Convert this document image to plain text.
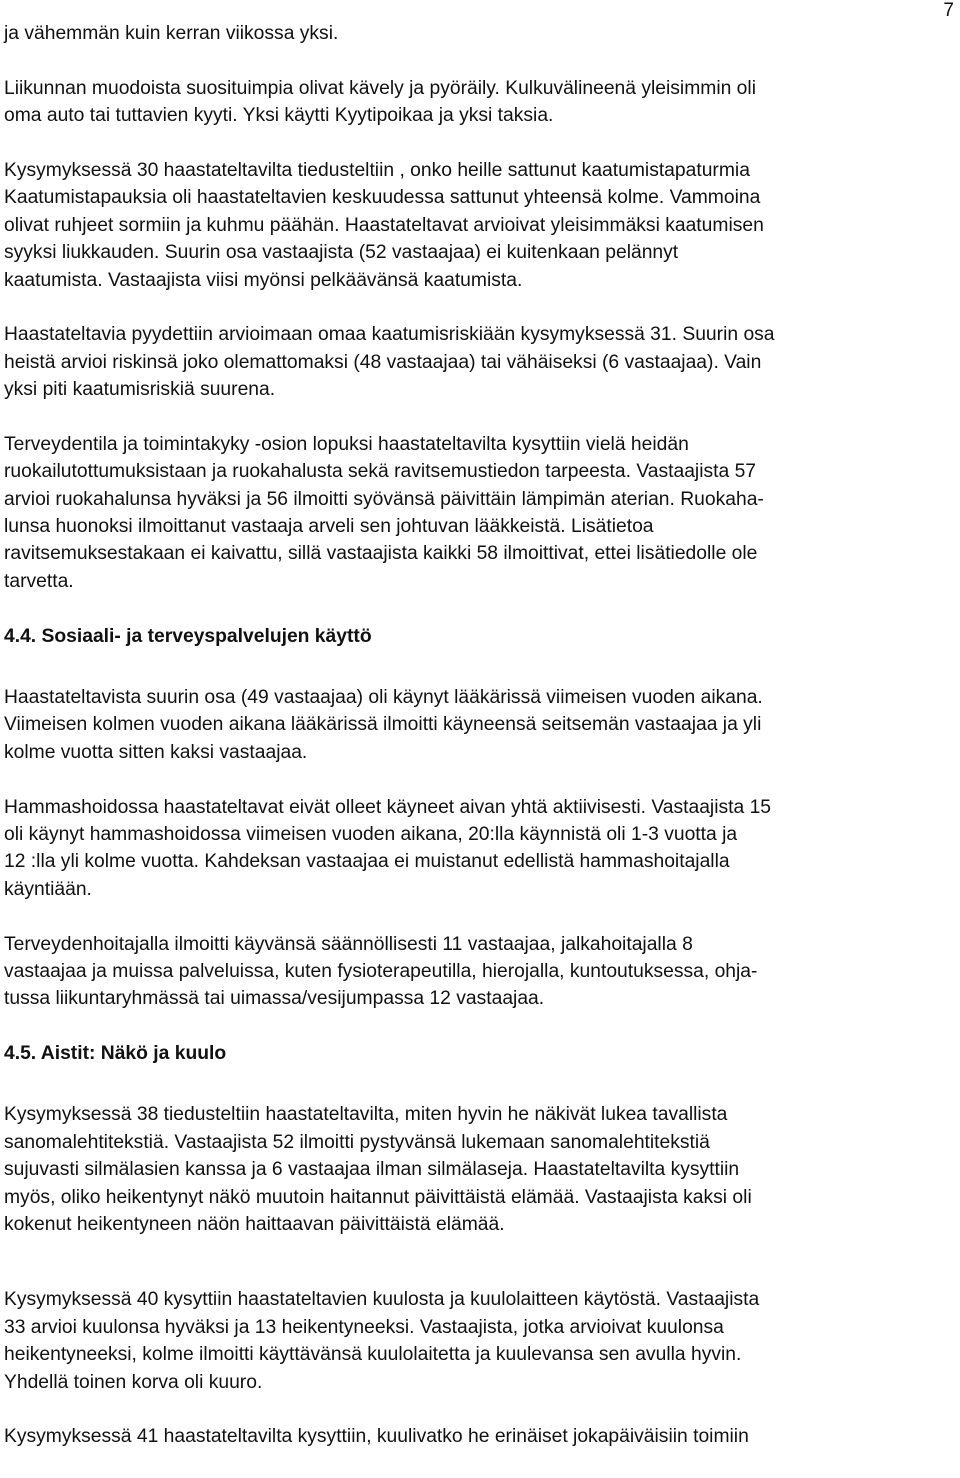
7
ja vähemmän kuin kerran viikossa yksi.
Liikunnan muodoista suosituimpia olivat kävely ja pyöräily. Kulkuvälineenä yleisimmin oli
oma auto tai tuttavien kyyti. Yksi käytti Kyytipoikaa ja yksi taksia.
Kysymyksessä 30 haastateltavilta tiedusteltiin , onko heille sattunut kaatumistapaturmia
Kaatumistapauksia oli haastateltavien keskuudessa sattunut yhteensä kolme. Vammoina
olivat ruhjeet sormiin ja kuhmu päähän. Haastateltavat arvioivat yleisimmäksi kaatumisen
syyksi liukkauden. Suurin osa vastaajista (52 vastaajaa) ei kuitenkaan pelännyt
kaatumista. Vastaajista viisi myönsi pelkäävänsä kaatumista.
Haastateltavia pyydettiin arvioimaan omaa kaatumisriskiään kysymyksessä 31. Suurin osa
heistä arvioi riskinsä joko olemattomaksi (48 vastaajaa) tai vähäiseksi (6 vastaajaa). Vain
yksi piti kaatumisriskiä suurena.
Terveydentila ja toimintakyky -osion lopuksi haastateltavilta kysyttiin vielä heidän
ruokailutottumuksistaan ja ruokahalusta sekä ravitsemustiedon tarpeesta. Vastaajista 57
arvioi ruokahalunsa hyväksi ja 56 ilmoitti syövänsä päivittäin lämpimän aterian. Ruokaha-
lunsa huonoksi ilmoittanut vastaaja arveli sen johtuvan lääkkeistä. Lisätietoa
ravitsemuksestakaan ei kaivattu, sillä vastaajista kaikki 58 ilmoittivat, ettei lisätiedolle ole
tarvetta.
4.4. Sosiaali- ja terveyspalvelujen käyttö
Haastateltavista suurin osa (49 vastaajaa) oli käynyt lääkärissä viimeisen vuoden aikana.
Viimeisen kolmen vuoden aikana lääkärissä ilmoitti käyneensä seitsemän vastaajaa ja yli
kolme vuotta sitten kaksi vastaajaa.
Hammashoidossa haastateltavat eivät olleet käyneet aivan yhtä aktiivisesti. Vastaajista 15
oli käynyt hammashoidossa viimeisen vuoden aikana, 20:lla käynnistä oli 1-3 vuotta ja
12 :lla yli kolme vuotta. Kahdeksan vastaajaa ei muistanut edellistä hammashoitajalla
käyntiään.
Terveydenhoitajalla ilmoitti käyvänsä säännöllisesti 11 vastaajaa, jalkahoitajalla 8
vastaajaa ja muissa palveluissa, kuten fysioterapeutilla, hierojalla, kuntoutuksessa, ohja-
tussa liikuntaryhmässä tai uimassa/vesijumpassa 12 vastaajaa.
4.5. Aistit: Näkö ja kuulo
Kysymyksessä 38 tiedusteltiin haastateltavilta, miten hyvin he näkivät lukea tavallista
sanomalehtitekstiä. Vastaajista 52 ilmoitti pystyvänsä lukemaan sanomalehtitekstiä
sujuvasti silmälasien kanssa ja 6 vastaajaa ilman silmälaseja. Haastateltavilta kysyttiin
myös, oliko heikentynyt näkö muutoin haitannut päivittäistä elämää. Vastaajista kaksi oli
kokenut heikentyneen näön haittaavan päivittäistä elämää.
Kysymyksessä 40 kysyttiin haastateltavien kuulosta ja kuulolaitteen käytöstä. Vastaajista
33 arvioi kuulonsa hyväksi ja 13 heikentyneeksi. Vastaajista, jotka arvioivat kuulonsa
heikentyneeksi, kolme ilmoitti käyttävänsä kuulolaitetta ja kuulevansa sen avulla hyvin.
Yhdellä toinen korva oli kuuro.
Kysymyksessä 41 haastateltavilta kysyttiin, kuulivatko he erinäiset jokapäiväisiin toimiin
